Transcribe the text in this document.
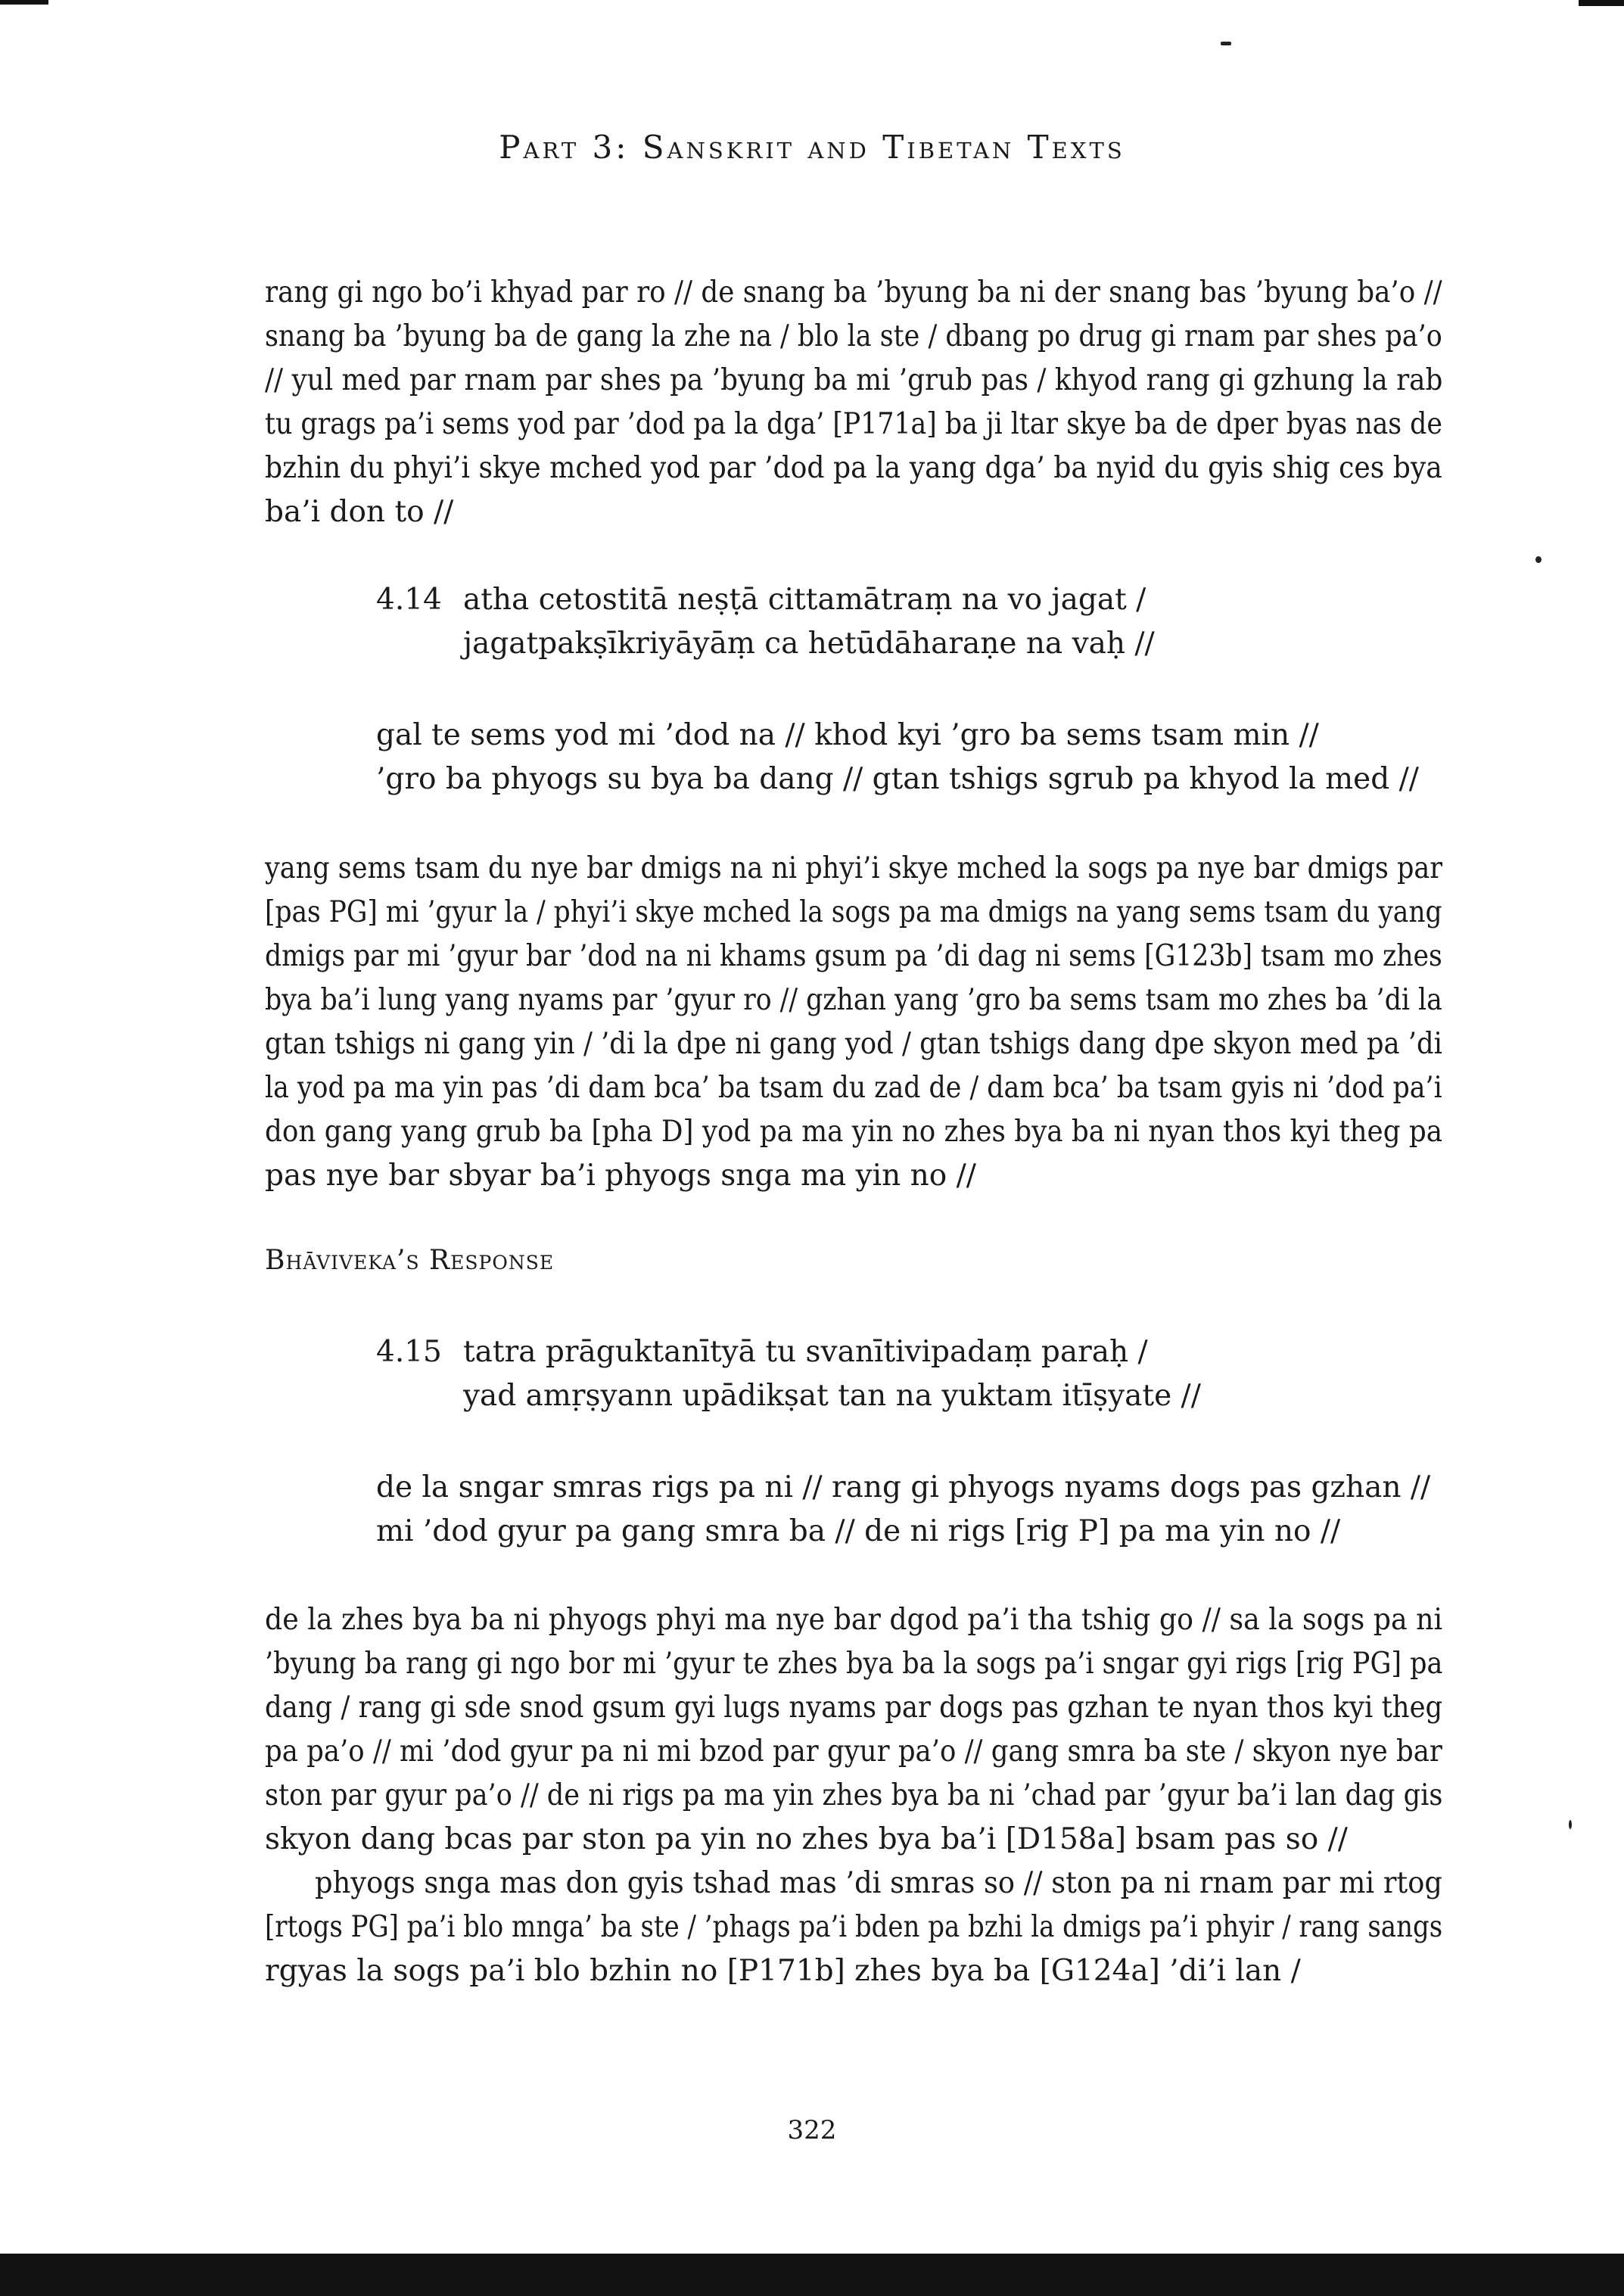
Part 3: Sanskrit and Tibetan Texts
rang gi ngo bo’i khyad par ro // de snang ba ’byung ba ni der snang bas ’byung ba’o //
snang ba ’byung ba de gang la zhe na / blo la ste / dbang po drug gi rnam par shes pa’o
// yul med par rnam par shes pa ’byung ba mi ’grub pas / khyod rang gi gzhung la rab
tu grags pa’i sems yod par ’dod pa la dga’ [P171a] ba ji ltar skye ba de dper byas nas de
bzhin du phyi’i skye mched yod par ’dod pa la yang dga’ ba nyid du gyis shig ces bya
ba’i don to //
4.14 atha cetostitā neṣṭā cittamātraṃ na vo jagat /
jagatpakṣīkriyāyāṃ ca hetūdāharaṇe na vaḥ //
gal te sems yod mi ’dod na // khod kyi ’gro ba sems tsam min //
’gro ba phyogs su bya ba dang // gtan tshigs sgrub pa khyod la med //
yang sems tsam du nye bar dmigs na ni phyi’i skye mched la sogs pa nye bar dmigs par
[pas PG] mi ’gyur la / phyi’i skye mched la sogs pa ma dmigs na yang sems tsam du yang
dmigs par mi ’gyur bar ’dod na ni khams gsum pa ’di dag ni sems [G123b] tsam mo zhes
bya ba’i lung yang nyams par ’gyur ro // gzhan yang ’gro ba sems tsam mo zhes ba ’di la
gtan tshigs ni gang yin / ’di la dpe ni gang yod / gtan tshigs dang dpe skyon med pa ’di
la yod pa ma yin pas ’di dam bca’ ba tsam du zad de / dam bca’ ba tsam gyis ni ’dod pa’i
don gang yang grub ba [pha D] yod pa ma yin no zhes bya ba ni nyan thos kyi theg pa
pas nye bar sbyar ba’i phyogs snga ma yin no //
Bhāviveka’s Response
4.15 tatra prāguktanītyā tu svanītivipadaṃ paraḥ /
yad amṛṣyann upādikṣat tan na yuktam itīṣyate //
de la sngar smras rigs pa ni // rang gi phyogs nyams dogs pas gzhan //
mi ’dod gyur pa gang smra ba // de ni rigs [rig P] pa ma yin no //
de la zhes bya ba ni phyogs phyi ma nye bar dgod pa’i tha tshig go // sa la sogs pa ni
’byung ba rang gi ngo bor mi ’gyur te zhes bya ba la sogs pa’i sngar gyi rigs [rig PG] pa
dang / rang gi sde snod gsum gyi lugs nyams par dogs pas gzhan te nyan thos kyi theg
pa pa’o // mi ’dod gyur pa ni mi bzod par gyur pa’o // gang smra ba ste / skyon nye bar
ston par gyur pa’o // de ni rigs pa ma yin zhes bya ba ni ’chad par ’gyur ba’i lan dag gis
skyon dang bcas par ston pa yin no zhes bya ba’i [D158a] bsam pas so //
phyogs snga mas don gyis tshad mas ’di smras so // ston pa ni rnam par mi rtog
[rtogs PG] pa’i blo mnga’ ba ste / ’phags pa’i bden pa bzhi la dmigs pa’i phyir / rang sangs
rgyas la sogs pa’i blo bzhin no [P171b] zhes bya ba [G124a] ’di’i lan /
322
